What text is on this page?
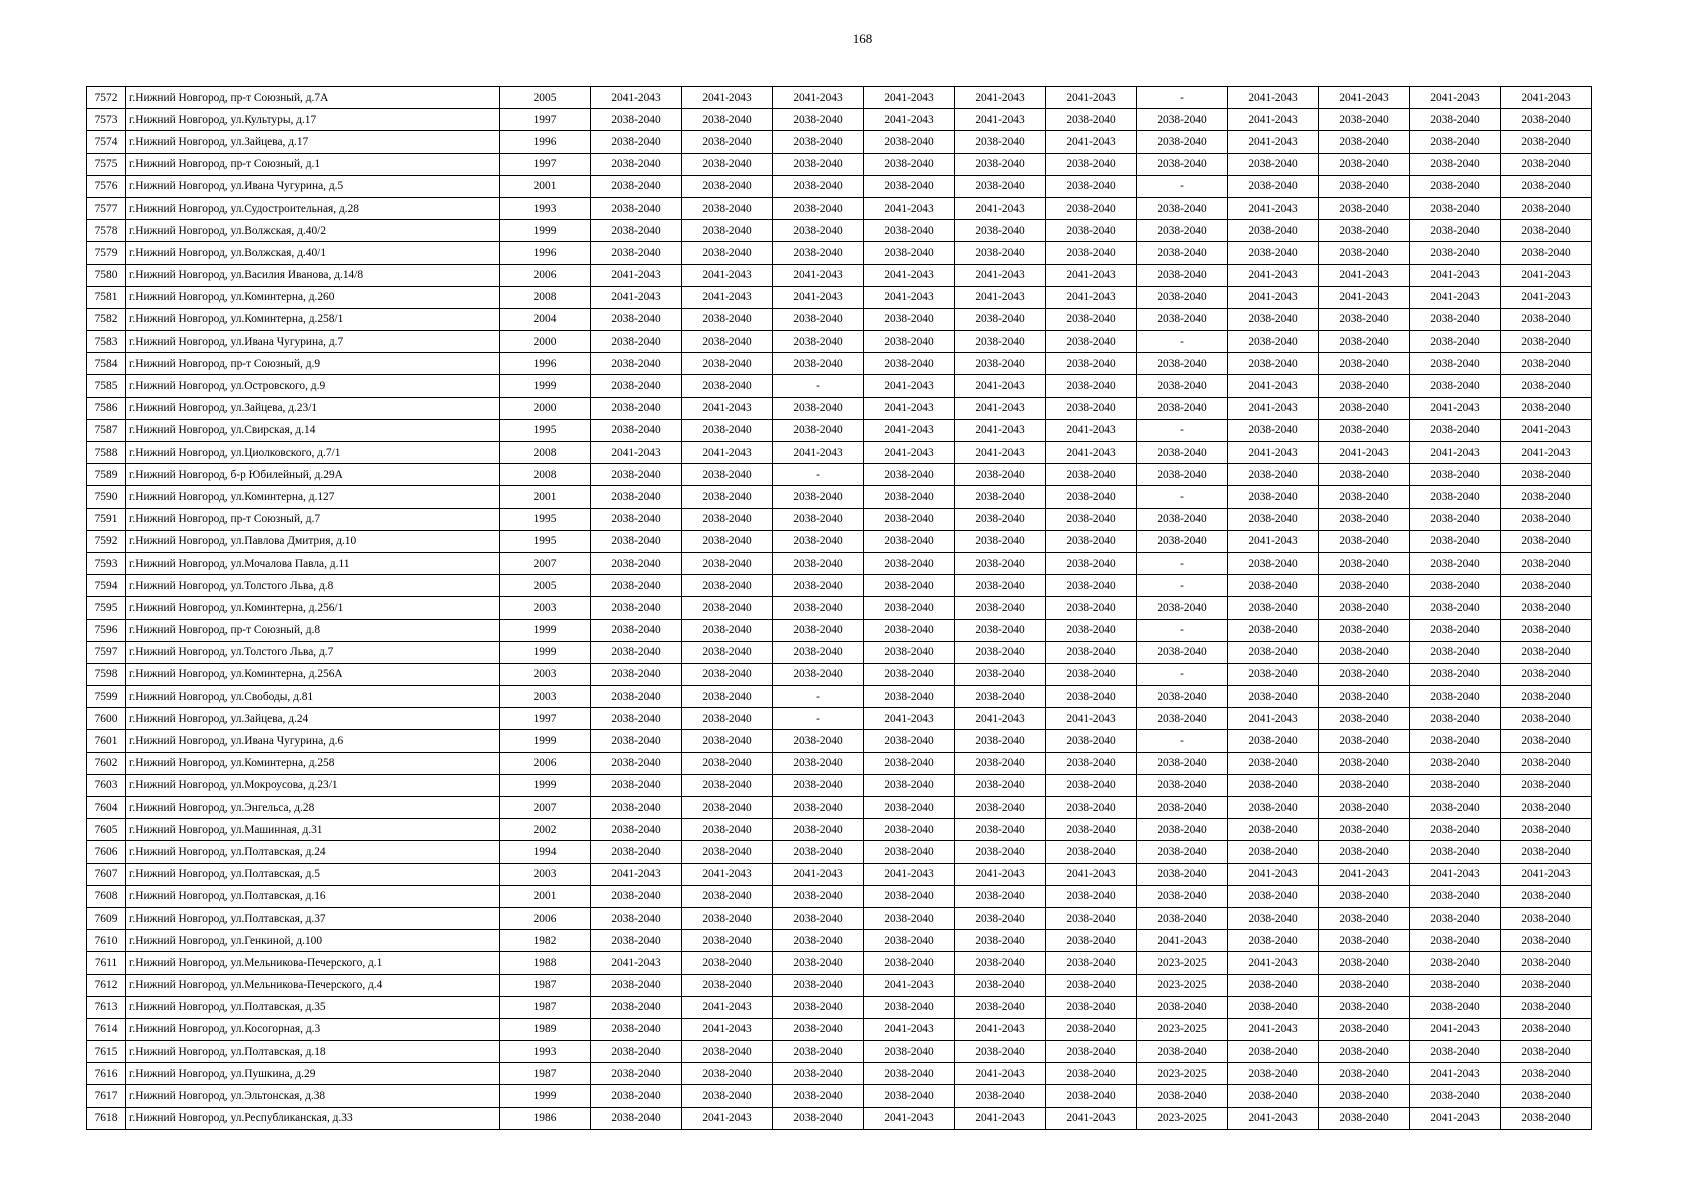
168
7572	г.Нижний Новгород, пр-т Союзный, д.7А	2005	2041-2043	2041-2043	2041-2043	2041-2043	2041-2043	2041-2043	-	2041-2043	2041-2043	2041-2043	2041-2043
7573	г.Нижний Новгород, ул.Культуры, д.17	1997	2038-2040	2038-2040	2038-2040	2041-2043	2041-2043	2038-2040	2038-2040	2041-2043	2038-2040	2038-2040	2038-2040
7574	г.Нижний Новгород, ул.Зайцева, д.17	1996	2038-2040	2038-2040	2038-2040	2038-2040	2038-2040	2041-2043	2038-2040	2041-2043	2038-2040	2038-2040	2038-2040
7575	г.Нижний Новгород, пр-т Союзный, д.1	1997	2038-2040	2038-2040	2038-2040	2038-2040	2038-2040	2038-2040	2038-2040	2038-2040	2038-2040	2038-2040	2038-2040
7576	г.Нижний Новгород, ул.Ивана Чугурина, д.5	2001	2038-2040	2038-2040	2038-2040	2038-2040	2038-2040	2038-2040	-	2038-2040	2038-2040	2038-2040	2038-2040
7577	г.Нижний Новгород, ул.Судостроительная, д.28	1993	2038-2040	2038-2040	2038-2040	2041-2043	2041-2043	2038-2040	2038-2040	2041-2043	2038-2040	2038-2040	2038-2040
7578	г.Нижний Новгород, ул.Волжская, д.40/2	1999	2038-2040	2038-2040	2038-2040	2038-2040	2038-2040	2038-2040	2038-2040	2038-2040	2038-2040	2038-2040	2038-2040
7579	г.Нижний Новгород, ул.Волжская, д.40/1	1996	2038-2040	2038-2040	2038-2040	2038-2040	2038-2040	2038-2040	2038-2040	2038-2040	2038-2040	2038-2040	2038-2040
7580	г.Нижний Новгород, ул.Василия Иванова, д.14/8	2006	2041-2043	2041-2043	2041-2043	2041-2043	2041-2043	2041-2043	2038-2040	2041-2043	2041-2043	2041-2043	2041-2043
7581	г.Нижний Новгород, ул.Коминтерна, д.260	2008	2041-2043	2041-2043	2041-2043	2041-2043	2041-2043	2041-2043	2038-2040	2041-2043	2041-2043	2041-2043	2041-2043
7582	г.Нижний Новгород, ул.Коминтерна, д.258/1	2004	2038-2040	2038-2040	2038-2040	2038-2040	2038-2040	2038-2040	2038-2040	2038-2040	2038-2040	2038-2040	2038-2040
7583	г.Нижний Новгород, ул.Ивана Чугурина, д.7	2000	2038-2040	2038-2040	2038-2040	2038-2040	2038-2040	2038-2040	-	2038-2040	2038-2040	2038-2040	2038-2040
7584	г.Нижний Новгород, пр-т Союзный, д.9	1996	2038-2040	2038-2040	2038-2040	2038-2040	2038-2040	2038-2040	2038-2040	2038-2040	2038-2040	2038-2040	2038-2040
7585	г.Нижний Новгород, ул.Островского, д.9	1999	2038-2040	2038-2040	-	2041-2043	2041-2043	2038-2040	2038-2040	2041-2043	2038-2040	2038-2040	2038-2040
7586	г.Нижний Новгород, ул.Зайцева, д.23/1	2000	2038-2040	2041-2043	2038-2040	2041-2043	2041-2043	2038-2040	2038-2040	2041-2043	2038-2040	2041-2043	2038-2040
7587	г.Нижний Новгород, ул.Свирская, д.14	1995	2038-2040	2038-2040	2038-2040	2041-2043	2041-2043	2041-2043	-	2038-2040	2038-2040	2038-2040	2041-2043
7588	г.Нижний Новгород, ул.Циолковского, д.7/1	2008	2041-2043	2041-2043	2041-2043	2041-2043	2041-2043	2041-2043	2038-2040	2041-2043	2041-2043	2041-2043	2041-2043
7589	г.Нижний Новгород, б-р Юбилейный, д.29А	2008	2038-2040	2038-2040	-	2038-2040	2038-2040	2038-2040	2038-2040	2038-2040	2038-2040	2038-2040	2038-2040
7590	г.Нижний Новгород, ул.Коминтерна, д.127	2001	2038-2040	2038-2040	2038-2040	2038-2040	2038-2040	2038-2040	-	2038-2040	2038-2040	2038-2040	2038-2040
7591	г.Нижний Новгород, пр-т Союзный, д.7	1995	2038-2040	2038-2040	2038-2040	2038-2040	2038-2040	2038-2040	2038-2040	2038-2040	2038-2040	2038-2040	2038-2040
7592	г.Нижний Новгород, ул.Павлова Дмитрия, д.10	1995	2038-2040	2038-2040	2038-2040	2038-2040	2038-2040	2038-2040	2038-2040	2041-2043	2038-2040	2038-2040	2038-2040
7593	г.Нижний Новгород, ул.Мочалова Павла, д.11	2007	2038-2040	2038-2040	2038-2040	2038-2040	2038-2040	2038-2040	-	2038-2040	2038-2040	2038-2040	2038-2040
7594	г.Нижний Новгород, ул.Толстого Льва, д.8	2005	2038-2040	2038-2040	2038-2040	2038-2040	2038-2040	2038-2040	-	2038-2040	2038-2040	2038-2040	2038-2040
7595	г.Нижний Новгород, ул.Коминтерна, д.256/1	2003	2038-2040	2038-2040	2038-2040	2038-2040	2038-2040	2038-2040	2038-2040	2038-2040	2038-2040	2038-2040	2038-2040
7596	г.Нижний Новгород, пр-т Союзный, д.8	1999	2038-2040	2038-2040	2038-2040	2038-2040	2038-2040	2038-2040	-	2038-2040	2038-2040	2038-2040	2038-2040
7597	г.Нижний Новгород, ул.Толстого Льва, д.7	1999	2038-2040	2038-2040	2038-2040	2038-2040	2038-2040	2038-2040	2038-2040	2038-2040	2038-2040	2038-2040	2038-2040
7598	г.Нижний Новгород, ул.Коминтерна, д.256А	2003	2038-2040	2038-2040	2038-2040	2038-2040	2038-2040	2038-2040	-	2038-2040	2038-2040	2038-2040	2038-2040
7599	г.Нижний Новгород, ул.Свободы, д.81	2003	2038-2040	2038-2040	-	2038-2040	2038-2040	2038-2040	2038-2040	2038-2040	2038-2040	2038-2040	2038-2040
7600	г.Нижний Новгород, ул.Зайцева, д.24	1997	2038-2040	2038-2040	-	2041-2043	2041-2043	2041-2043	2038-2040	2041-2043	2038-2040	2038-2040	2038-2040
7601	г.Нижний Новгород, ул.Ивана Чугурина, д.6	1999	2038-2040	2038-2040	2038-2040	2038-2040	2038-2040	2038-2040	-	2038-2040	2038-2040	2038-2040	2038-2040
7602	г.Нижний Новгород, ул.Коминтерна, д.258	2006	2038-2040	2038-2040	2038-2040	2038-2040	2038-2040	2038-2040	2038-2040	2038-2040	2038-2040	2038-2040	2038-2040
7603	г.Нижний Новгород, ул.Мокроусова, д.23/1	1999	2038-2040	2038-2040	2038-2040	2038-2040	2038-2040	2038-2040	2038-2040	2038-2040	2038-2040	2038-2040	2038-2040
7604	г.Нижний Новгород, ул.Энгельса, д.28	2007	2038-2040	2038-2040	2038-2040	2038-2040	2038-2040	2038-2040	2038-2040	2038-2040	2038-2040	2038-2040	2038-2040
7605	г.Нижний Новгород, ул.Машинная, д.31	2002	2038-2040	2038-2040	2038-2040	2038-2040	2038-2040	2038-2040	2038-2040	2038-2040	2038-2040	2038-2040	2038-2040
7606	г.Нижний Новгород, ул.Полтавская, д.24	1994	2038-2040	2038-2040	2038-2040	2038-2040	2038-2040	2038-2040	2038-2040	2038-2040	2038-2040	2038-2040	2038-2040
7607	г.Нижний Новгород, ул.Полтавская, д.5	2003	2041-2043	2041-2043	2041-2043	2041-2043	2041-2043	2041-2043	2038-2040	2041-2043	2041-2043	2041-2043	2041-2043
7608	г.Нижний Новгород, ул.Полтавская, д.16	2001	2038-2040	2038-2040	2038-2040	2038-2040	2038-2040	2038-2040	2038-2040	2038-2040	2038-2040	2038-2040	2038-2040
7609	г.Нижний Новгород, ул.Полтавская, д.37	2006	2038-2040	2038-2040	2038-2040	2038-2040	2038-2040	2038-2040	2038-2040	2038-2040	2038-2040	2038-2040	2038-2040
7610	г.Нижний Новгород, ул.Генкиной, д.100	1982	2038-2040	2038-2040	2038-2040	2038-2040	2038-2040	2038-2040	2041-2043	2038-2040	2038-2040	2038-2040	2038-2040
7611	г.Нижний Новгород, ул.Мельникова-Печерского, д.1	1988	2041-2043	2038-2040	2038-2040	2038-2040	2038-2040	2038-2040	2023-2025	2041-2043	2038-2040	2038-2040	2038-2040
7612	г.Нижний Новгород, ул.Мельникова-Печерского, д.4	1987	2038-2040	2038-2040	2038-2040	2041-2043	2038-2040	2038-2040	2023-2025	2038-2040	2038-2040	2038-2040	2038-2040
7613	г.Нижний Новгород, ул.Полтавская, д.35	1987	2038-2040	2041-2043	2038-2040	2038-2040	2038-2040	2038-2040	2038-2040	2038-2040	2038-2040	2038-2040	2038-2040
7614	г.Нижний Новгород, ул.Косогорная, д.3	1989	2038-2040	2041-2043	2038-2040	2041-2043	2041-2043	2038-2040	2023-2025	2041-2043	2038-2040	2041-2043	2038-2040
7615	г.Нижний Новгород, ул.Полтавская, д.18	1993	2038-2040	2038-2040	2038-2040	2038-2040	2038-2040	2038-2040	2038-2040	2038-2040	2038-2040	2038-2040	2038-2040
7616	г.Нижний Новгород, ул.Пушкина, д.29	1987	2038-2040	2038-2040	2038-2040	2038-2040	2041-2043	2038-2040	2023-2025	2038-2040	2038-2040	2041-2043	2038-2040
7617	г.Нижний Новгород, ул.Эльтонская, д.38	1999	2038-2040	2038-2040	2038-2040	2038-2040	2038-2040	2038-2040	2038-2040	2038-2040	2038-2040	2038-2040	2038-2040
7618	г.Нижний Новгород, ул.Республиканская, д.33	1986	2038-2040	2041-2043	2038-2040	2041-2043	2041-2043	2041-2043	2023-2025	2041-2043	2038-2040	2041-2043	2038-2040
